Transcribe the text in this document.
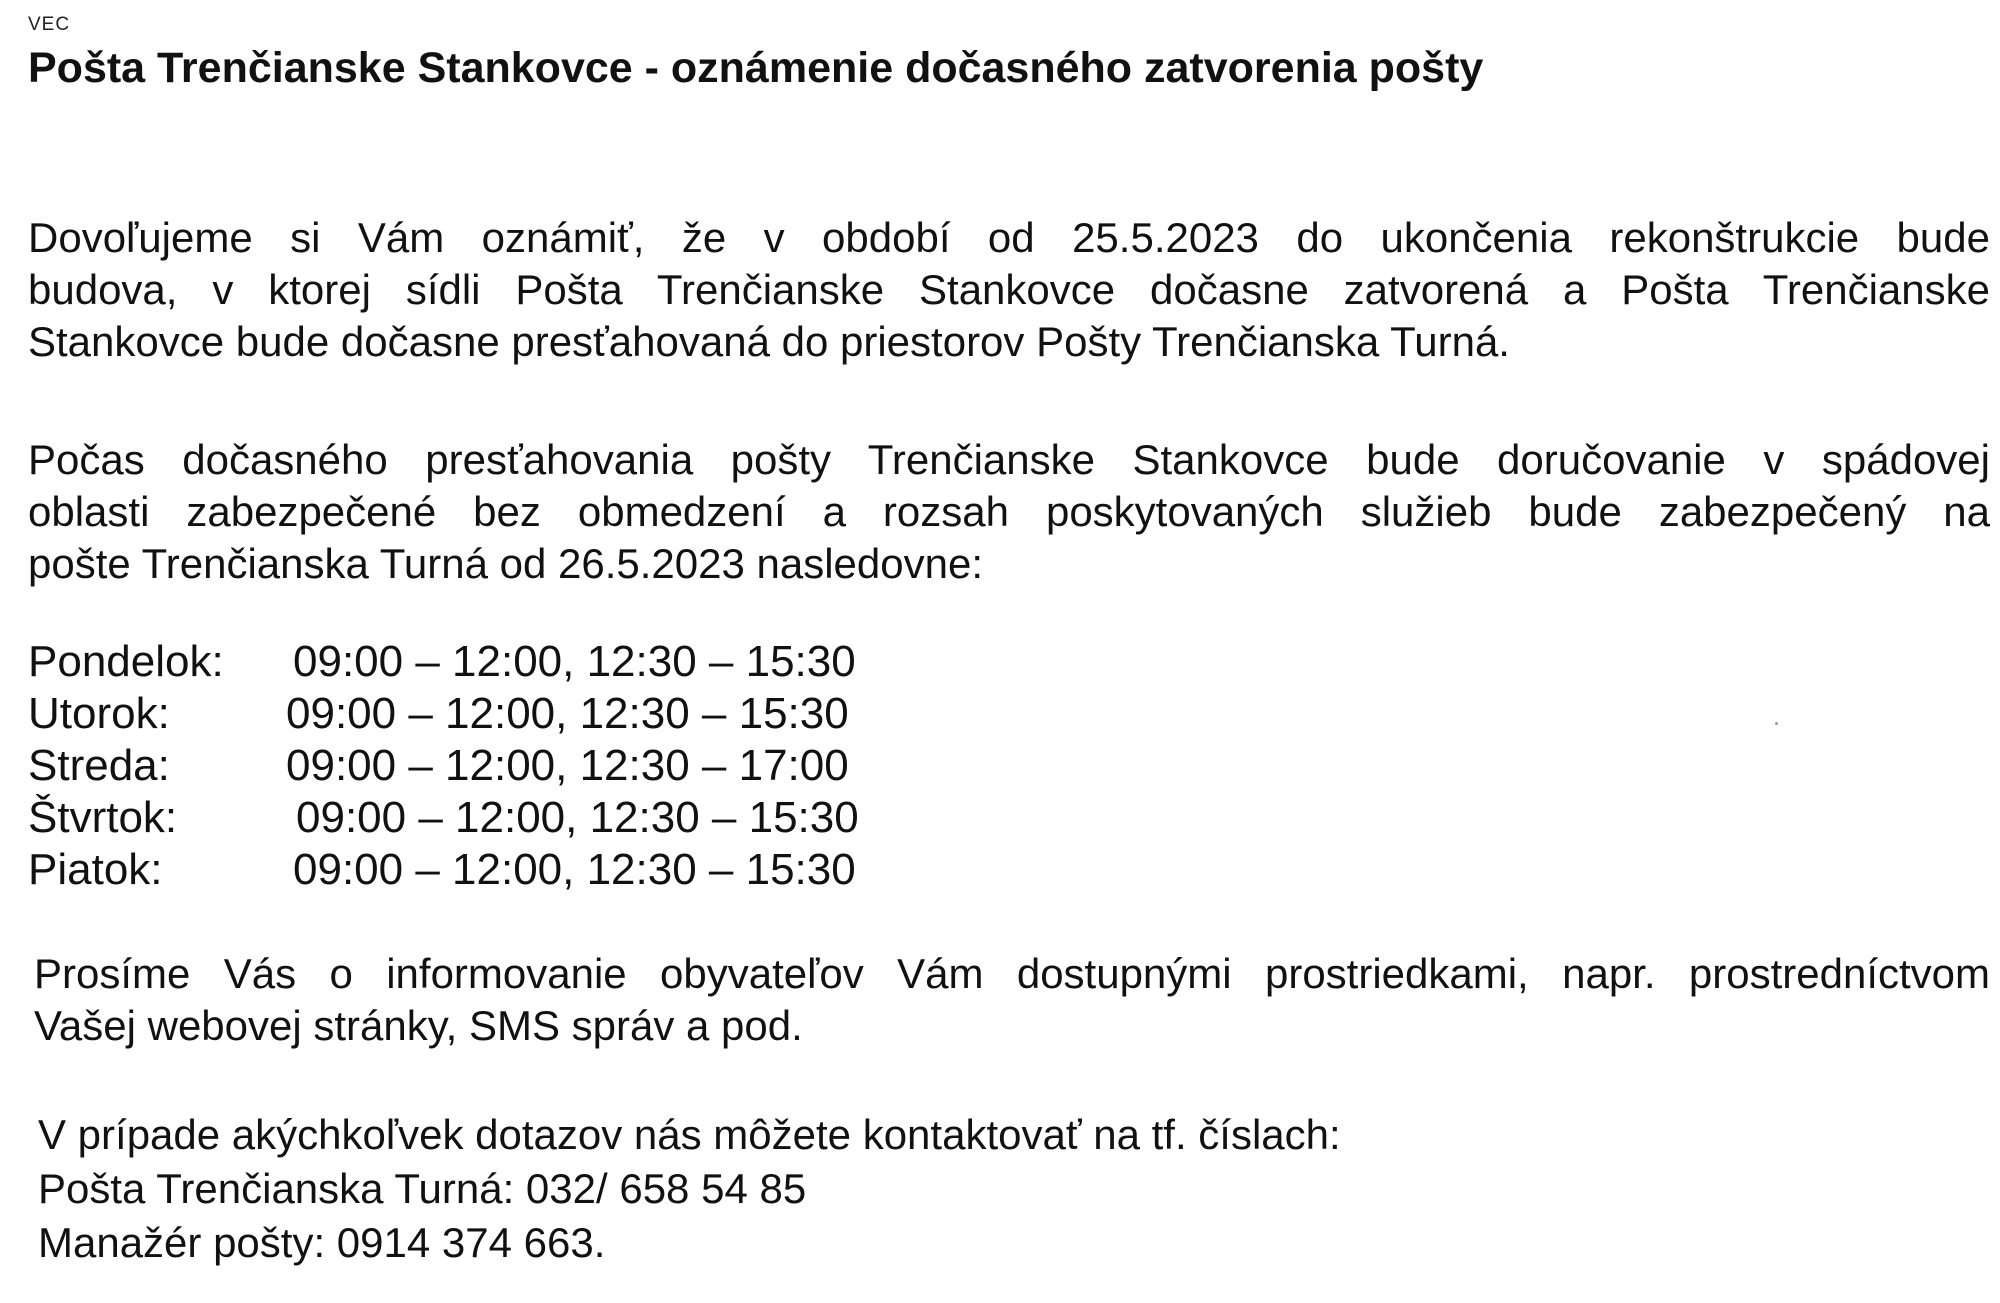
VEC
Pošta Trenčianske Stankovce - oznámenie dočasného zatvorenia pošty
Dovoľujeme si Vám oznámiť, že v období od 25.5.2023 do ukončenia rekonštrukcie bude
budova, v ktorej sídli Pošta Trenčianske Stankovce dočasne zatvorená a Pošta Trenčianske
Stankovce bude dočasne presťahovaná do priestorov Pošty Trenčianska Turná.
Počas dočasného presťahovania pošty Trenčianske Stankovce bude doručovanie v spádovej
oblasti zabezpečené bez obmedzení a rozsah poskytovaných služieb bude zabezpečený na
pošte Trenčianska Turná od 26.5.2023 nasledovne:
Pondelok:	09:00 – 12:00, 12:30 – 15:30
Utorok:	09:00 – 12:00, 12:30 – 15:30
Streda:	09:00 – 12:00, 12:30 – 17:00
Štvrtok:	09:00 – 12:00, 12:30 – 15:30
Piatok:	09:00 – 12:00, 12:30 – 15:30
Prosíme Vás o informovanie obyvateľov Vám dostupnými prostriedkami, napr. prostredníctvom
Vašej webovej stránky, SMS správ a pod.
V prípade akýchkoľvek dotazov nás môžete kontaktovať na tf. číslach:
Pošta Trenčianska Turná: 032/ 658 54 85
Manažér pošty: 0914 374 663.
